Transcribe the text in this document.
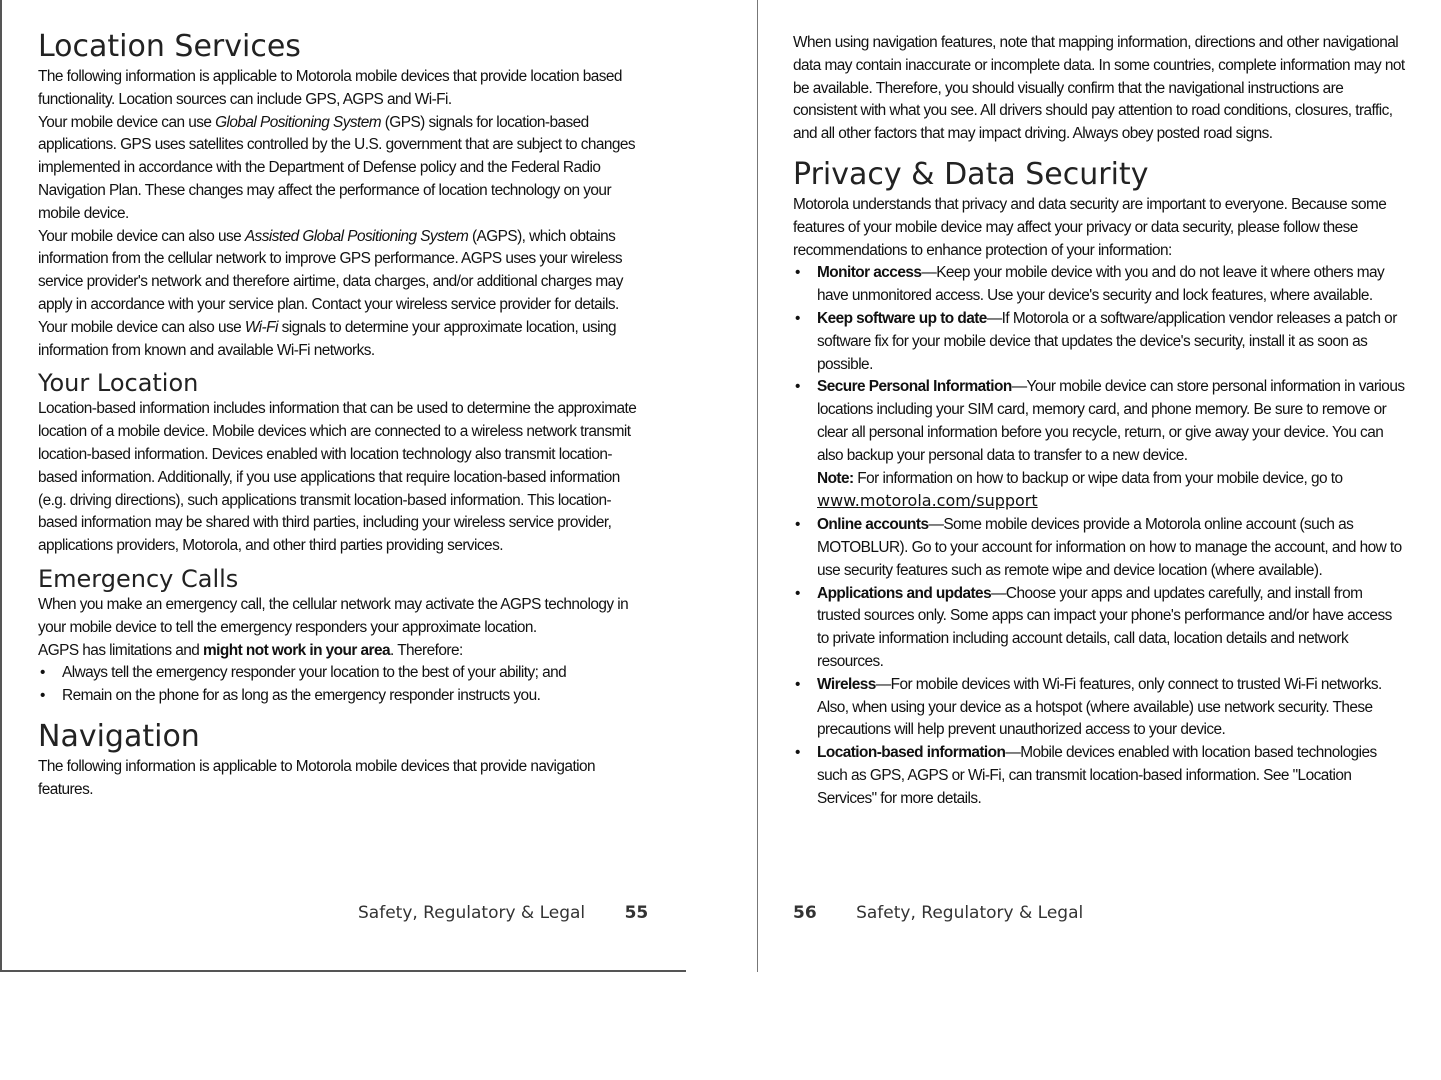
Location Services

The following information is applicable to Motorola mobile devices that provide location based functionality. Location sources can include GPS, AGPS and Wi-Fi.

Your mobile device can use Global Positioning System (GPS) signals for location-based applications. GPS uses satellites controlled by the U.S. government that are subject to changes implemented in accordance with the Department of Defense policy and the Federal Radio Navigation Plan. These changes may affect the performance of location technology on your mobile device.

Your mobile device can also use Assisted Global Positioning System (AGPS), which obtains information from the cellular network to improve GPS performance. AGPS uses your wireless service provider's network and therefore airtime, data charges, and/or additional charges may apply in accordance with your service plan. Contact your wireless service provider for details.

Your mobile device can also use Wi-Fi signals to determine your approximate location, using information from known and available Wi-Fi networks.

Your Location

Location-based information includes information that can be used to determine the approximate location of a mobile device. Mobile devices which are connected to a wireless network transmit location-based information. Devices enabled with location technology also transmit location-based information. Additionally, if you use applications that require location-based information (e.g. driving directions), such applications transmit location-based information. This location-based information may be shared with third parties, including your wireless service provider, applications providers, Motorola, and other third parties providing services.

Emergency Calls

When you make an emergency call, the cellular network may activate the AGPS technology in your mobile device to tell the emergency responders your approximate location.

AGPS has limitations and might not work in your area. Therefore:

• Always tell the emergency responder your location to the best of your ability; and
• Remain on the phone for as long as the emergency responder instructs you.
Navigation

The following information is applicable to Motorola mobile devices that provide navigation features.

Safety, Regulatory & Legal 55

When using navigation features, note that mapping information, directions and other navigational data may contain inaccurate or incomplete data. In some countries, complete information may not be available. Therefore, you should visually confirm that the navigational instructions are consistent with what you see. All drivers should pay attention to road conditions, closures, traffic, and all other factors that may impact driving. Always obey posted road signs.

Privacy & Data Security

Motorola understands that privacy and data security are important to everyone. Because some features of your mobile device may affect your privacy or data security, please follow these recommendations to enhance protection of your information:

• Monitor access—Keep your mobile device with you and do not leave it where others may have unmonitored access. Use your device's security and lock features, where available.
• Keep software up to date—If Motorola or a software/application vendor releases a patch or software fix for your mobile device that updates the device's security, install it as soon as possible.
• Secure Personal Information—Your mobile device can store personal information in various locations including your SIM card, memory card, and phone memory. Be sure to remove or clear all personal information before you recycle, return, or give away your device. You can also backup your personal data to transfer to a new device.
Note: For information on how to backup or wipe data from your mobile device, go to
www.motorola.com/support
• Online accounts—Some mobile devices provide a Motorola online account (such as MOTOBLUR). Go to your account for information on how to manage the account, and how to use security features such as remote wipe and device location (where available).
• Applications and updates—Choose your apps and updates carefully, and install from trusted sources only. Some apps can impact your phone's performance and/or have access to private information including account details, call data, location details and network resources.
• Wireless—For mobile devices with Wi-Fi features, only connect to trusted Wi-Fi networks. Also, when using your device as a hotspot (where available) use network security. These precautions will help prevent unauthorized access to your device.
• Location-based information—Mobile devices enabled with location based technologies such as GPS, AGPS or Wi-Fi, can transmit location-based information. See "Location Services" for more details.
56 Safety, Regulatory & Legal
